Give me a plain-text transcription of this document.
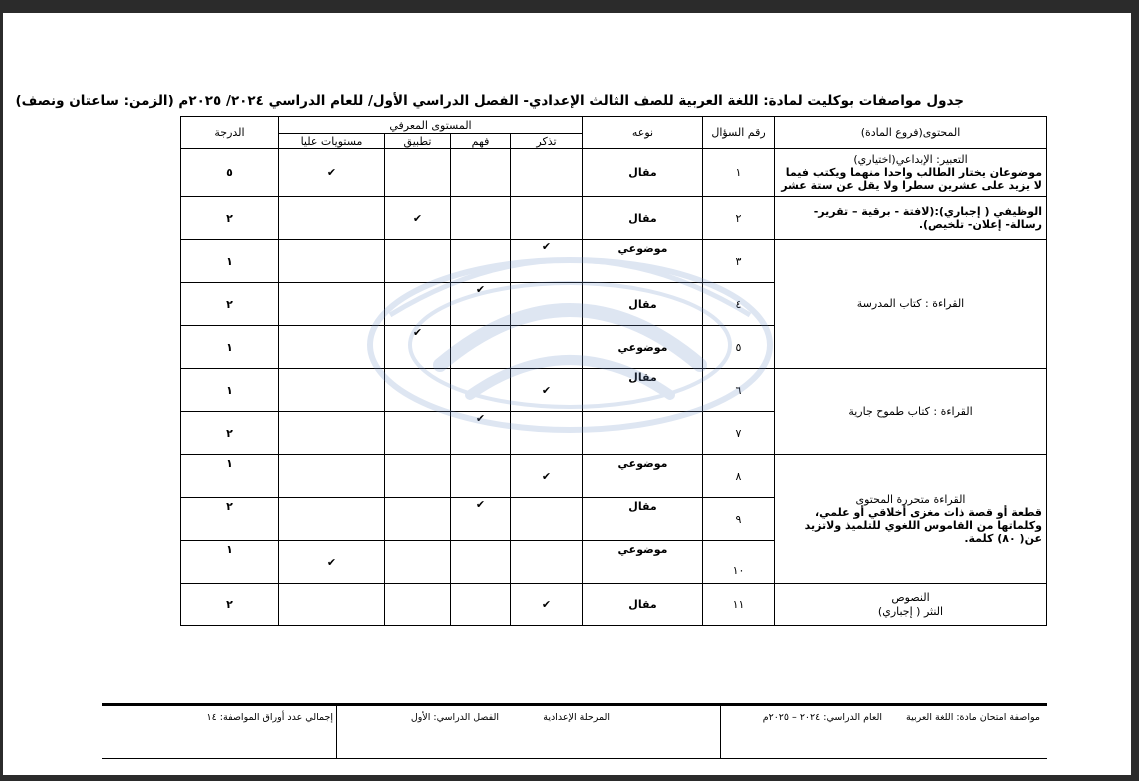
جدول مواصفات بوكليت لمادة: اللغة العربية للصف الثالث الإعدادي- الفصل الدراسي الأول/ للعام الدراسي ٢٠٢٤/ ٢٠٢٥م (الزمن: ساعتان ونصف)
المحتوى(فروع المادة)	رقم السؤال	نوعه	المستوى المعرفي				الدرجة
			تذكر	فهم	تطبيق	مستويات عليا	

التعبير: الإبداعي(اختياري)
موضوعان يختار الطالب واحدا منهما ويكتب فيما لا يزيد على عشرين سطرا ولا يقل عن ستة عشر	١	مقال				✔	٥
الوظيفي ( إجباري):(لافتة - برقية – تقرير- رسالة- إعلان- تلخيص).	٢	مقال			✔		٢
القراءة : كتاب المدرسة	٣	موضوعي	✔				١
	٤	مقال		✔			٢
	٥	موضوعي			✔		١
القراءة : كتاب طموح جارية	٦	مقال	✔				١
	٧			✔			٢

القراءة متحررة المحتوى
قطعة أو قصة ذات مغزى أخلاقي أو علمي، وكلماتها من القاموس اللغوي للتلميذ ولاتزيد عن( ٨٠) كلمة.	٨	موضوعي	✔				١
	٩	مقال		✔			٢
	١٠	موضوعي				✔	١

النصوص
النثر ( إجباري)	١١	مقال	✔				٢
مواصفة امتحان مادة: اللغة العربية
العام الدراسي: ٢٠٢٤ – ٢٠٢٥م
المرحلة الإعدادية
الفصل الدراسي: الأول
إجمالي عدد أوراق المواصفة: ١٤
